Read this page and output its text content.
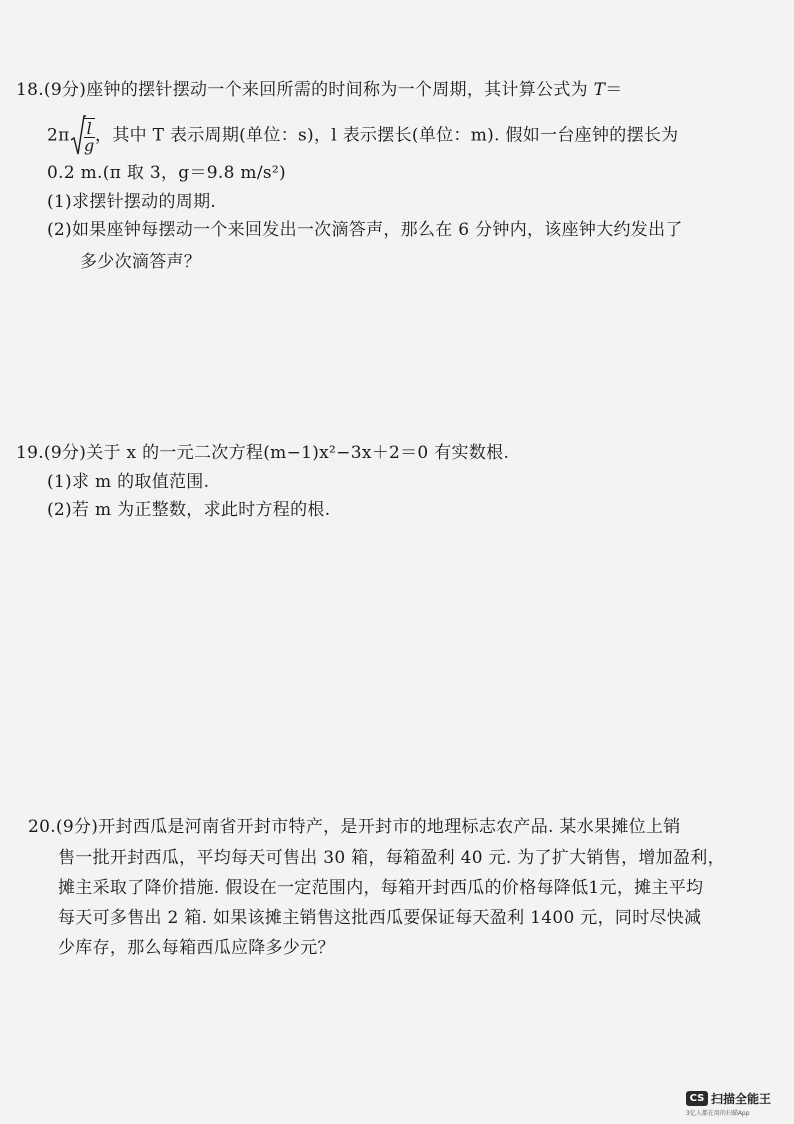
18.(9分)座钟的摆针摆动一个来回所需的时间称为一个周期，其计算公式为 T＝
$2\pi \frac{l}{g}$ ，其中 T 表示周期(单位：s)，l 表示摆长(单位：m). 假如一台座钟的摆长为
0.2 m.(π 取 3，g＝9.8 m/s²)
(1)求摆针摆动的周期.
(2)如果座钟每摆动一个来回发出一次滴答声，那么在 6 分钟内，该座钟大约发出了
多少次滴答声？
19.(9分)关于 x 的一元二次方程(m−1)x²−3x＋2＝0 有实数根.
(1)求 m 的取值范围.
(2)若 m 为正整数，求此时方程的根.
20.(9分)开封西瓜是河南省开封市特产，是开封市的地理标志农产品. 某水果摊位上销
售一批开封西瓜，平均每天可售出 30 箱，每箱盈利 40 元. 为了扩大销售，增加盈利，
摊主采取了降价措施. 假设在一定范围内，每箱开封西瓜的价格每降低1元，摊主平均
每天可多售出 2 箱. 如果该摊主销售这批西瓜要保证每天盈利 1400 元，同时尽快减
少库存，那么每箱西瓜应降多少元？
CS 扫描全能王
3亿人都在用的扫描App
